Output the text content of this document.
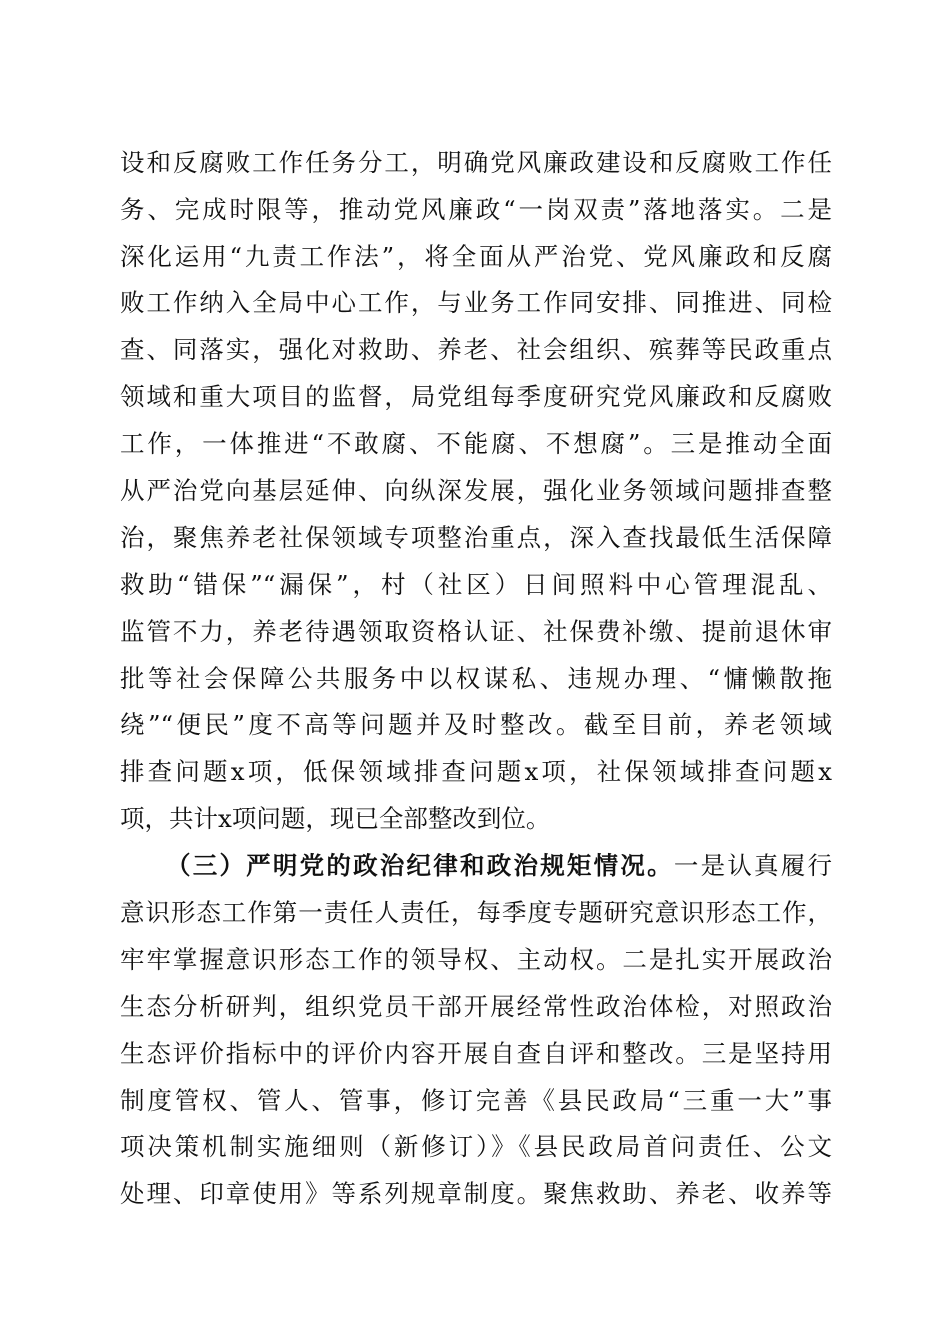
设和反腐败工作任务分工，明确党风廉政建设和反腐败工作任
务、完成时限等，推动党风廉政“一岗双责”落地落实。二是
深化运用“九责工作法”，将全面从严治党、党风廉政和反腐
败工作纳入全局中心工作，与业务工作同安排、同推进、同检
查、同落实，强化对救助、养老、社会组织、殡葬等民政重点
领域和重大项目的监督，局党组每季度研究党风廉政和反腐败
工作，一体推进“不敢腐、不能腐、不想腐”。三是推动全面
从严治党向基层延伸、向纵深发展，强化业务领域问题排查整
治，聚焦养老社保领域专项整治重点，深入查找最低生活保障
救助“错保”“漏保”，村（社区）日间照料中心管理混乱、
监管不力，养老待遇领取资格认证、社保费补缴、提前退休审
批等社会保障公共服务中以权谋私、违规办理、“慵懒散拖
绕”“便民”度不高等问题并及时整改。截至目前，养老领域
排查问题x项，低保领域排查问题x项，社保领域排查问题x
项，共计x项问题，现已全部整改到位。
（三）严明党的政治纪律和政治规矩情况。一是认真履行
意识形态工作第一责任人责任，每季度专题研究意识形态工作，
牢牢掌握意识形态工作的领导权、主动权。二是扎实开展政治
生态分析研判，组织党员干部开展经常性政治体检，对照政治
生态评价指标中的评价内容开展自查自评和整改。三是坚持用
制度管权、管人、管事，修订完善《县民政局“三重一大”事
项决策机制实施细则（新修订）》《县民政局首问责任、公文
处理、印章使用》等系列规章制度。聚焦救助、养老、收养等
